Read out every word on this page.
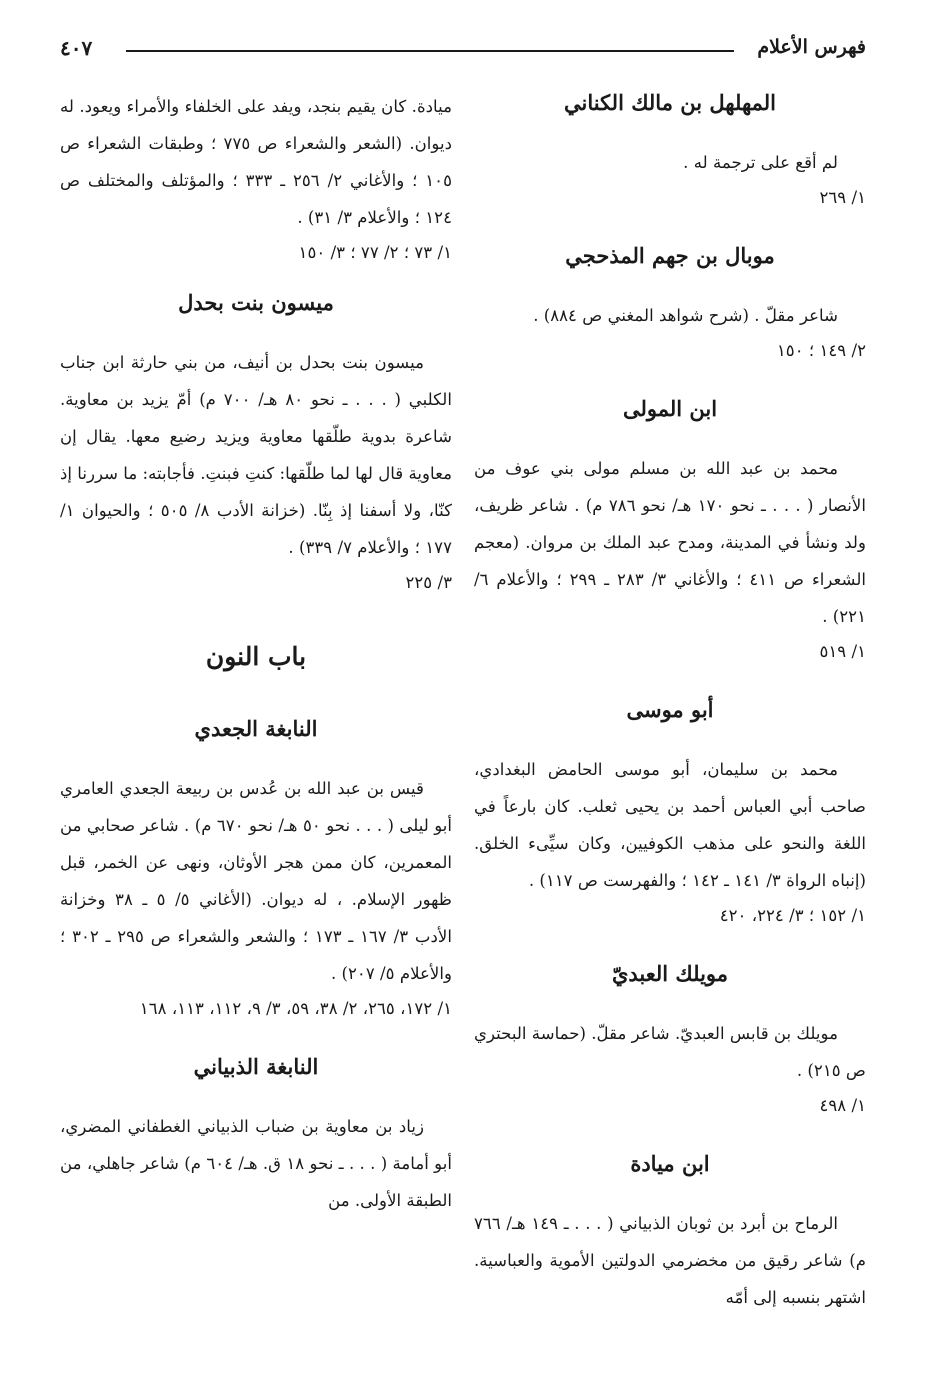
فهرس الأعلام
٤٠٧
المهلهل بن مالك الكناني

لم أقع على ترجمة له .

١/ ٢٦٩
موبال بن جهم المذحجي

شاعر مقلّ . (شرح شواهد المغني ص ٨٨٤) .

٢/ ١٤٩ ؛ ١٥٠
ابن المولى

محمد بن عبد الله بن مسلم مولى بني عوف من الأنصار ( . . . ـ نحو ١٧٠ هـ/ نحو ٧٨٦ م) . شاعر ظريف، ولد ونشأ في المدينة، ومدح عبد الملك بن مروان. (معجم الشعراء ص ٤١١ ؛ والأغاني ٣/ ٢٨٣ ـ ٢٩٩ ؛ والأعلام ٦/ ٢٢١) .

١/ ٥١٩
أبو موسى

محمد بن سليمان، أبو موسى الحامض البغدادي، صاحب أبي العباس أحمد بن يحيى ثعلب. كان بارعاً في اللغة والنحو على مذهب الكوفيين، وكان سيِّىء الخلق. (إنباه الرواة ٣/ ١٤١ ـ ١٤٢ ؛ والفهرست ص ١١٧) .

١/ ١٥٢ ؛ ٣/ ٢٢٤، ٤٢٠
مويلك العبديّ

مويلك بن قابس العبديّ. شاعر مقلّ. (حماسة البحتري ص ٢١٥) .

١/ ٤٩٨
ابن ميادة

الرماح بن أبرد بن ثوبان الذبياني ( . . . ـ ١٤٩ هـ/ ٧٦٦ م) شاعر رقيق من مخضرمي الدولتين الأموية والعباسية. اشتهر بنسبه إلى أمّه

ميادة. كان يقيم بنجد، ويفد على الخلفاء والأمراء ويعود. له ديوان. (الشعر والشعراء ص ٧٧٥ ؛ وطبقات الشعراء ص ١٠٥ ؛ والأغاني ٢/ ٢٥٦ ـ ٣٣٣ ؛ والمؤتلف والمختلف ص ١٢٤ ؛ والأعلام ٣/ ٣١) .

١/ ٧٣ ؛ ٢/ ٧٧ ؛ ٣/ ١٥٠
ميسون بنت بحدل

ميسون بنت بحدل بن أنيف، من بني حارثة ابن جناب الكلبي ( . . . ـ نحو ٨٠ هـ/ ٧٠٠ م) أمّ يزيد بن معاوية. شاعرة بدوية طلّقها معاوية ويزيد رضيع معها. يقال إن معاوية قال لها لما طلّقها: كنتِ فبنتِ. فأجابته: ما سررنا إذ كنّا، ولا أسفنا إذ بِنّا. (خزانة الأدب ٨/ ٥٠٥ ؛ والحيوان ١/ ١٧٧ ؛ والأعلام ٧/ ٣٣٩) .

٣/ ٢٢٥
باب النون
النابغة الجعدي

قيس بن عبد الله بن عُدس بن ربيعة الجعدي العامري أبو ليلى ( . . . نحو ٥٠ هـ/ نحو ٦٧٠ م) . شاعر صحابي من المعمرين، كان ممن هجر الأوثان، ونهى عن الخمر، قبل ظهور الإسلام. ، له ديوان. (الأغاني ٥/ ٥ ـ ٣٨ وخزانة الأدب ٣/ ١٦٧ ـ ١٧٣ ؛ والشعر والشعراء ص ٢٩٥ ـ ٣٠٢ ؛ والأعلام ٥/ ٢٠٧) .

١/ ١٧٢، ٢٦٥، ٢/ ٣٨، ٥٩، ٣/ ٩، ١١٢، ١١٣، ١٦٨
النابغة الذبياني

زياد بن معاوية بن ضباب الذبياني الغطفاني المضري، أبو أمامة ( . . . ـ نحو ١٨ ق. هـ/ ٦٠٤ م) شاعر جاهلي، من الطبقة الأولى. من
